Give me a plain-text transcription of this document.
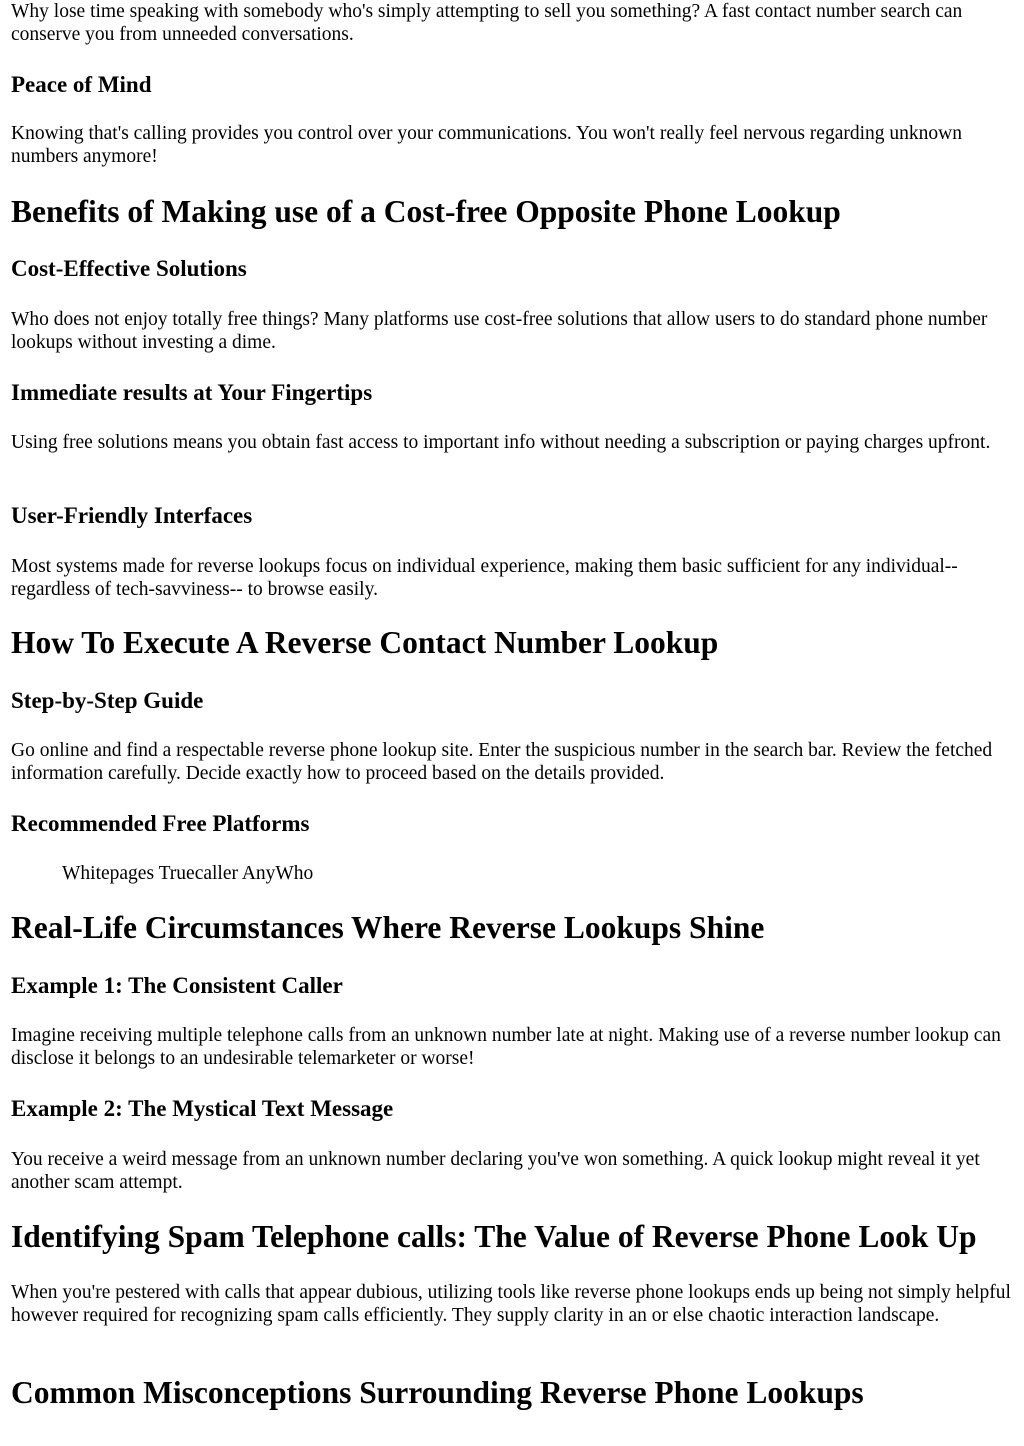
Why lose time speaking with somebody who's simply attempting to sell you something? A fast contact number search can conserve you from unneeded conversations.

Peace of Mind

Knowing that's calling provides you control over your communications. You won't really feel nervous regarding unknown numbers anymore!

Benefits of Making use of a Cost-free Opposite Phone Lookup
Cost-Effective Solutions

Who does not enjoy totally free things? Many platforms use cost-free solutions that allow users to do standard phone number lookups without investing a dime.

Immediate results at Your Fingertips

Using free solutions means you obtain fast access to important info without needing a subscription or paying charges upfront.

User-Friendly Interfaces

Most systems made for reverse lookups focus on individual experience, making them basic sufficient for any individual-- regardless of tech-savviness-- to browse easily.

How To Execute A Reverse Contact Number Lookup
Step-by-Step Guide

Go online and find a respectable reverse phone lookup site. Enter the suspicious number in the search bar. Review the fetched information carefully. Decide exactly how to proceed based on the details provided.

Recommended Free Platforms
Whitepages Truecaller AnyWho
Real-Life Circumstances Where Reverse Lookups Shine
Example 1: The Consistent Caller

Imagine receiving multiple telephone calls from an unknown number late at night. Making use of a reverse number lookup can disclose it belongs to an undesirable telemarketer or worse!

Example 2: The Mystical Text Message

You receive a weird message from an unknown number declaring you've won something. A quick lookup might reveal it yet another scam attempt.

Identifying Spam Telephone calls: The Value of Reverse Phone Look Up

When you're pestered with calls that appear dubious, utilizing tools like reverse phone lookups ends up being not simply helpful however required for recognizing spam calls efficiently. They supply clarity in an or else chaotic interaction landscape.

Common Misconceptions Surrounding Reverse Phone Lookups
